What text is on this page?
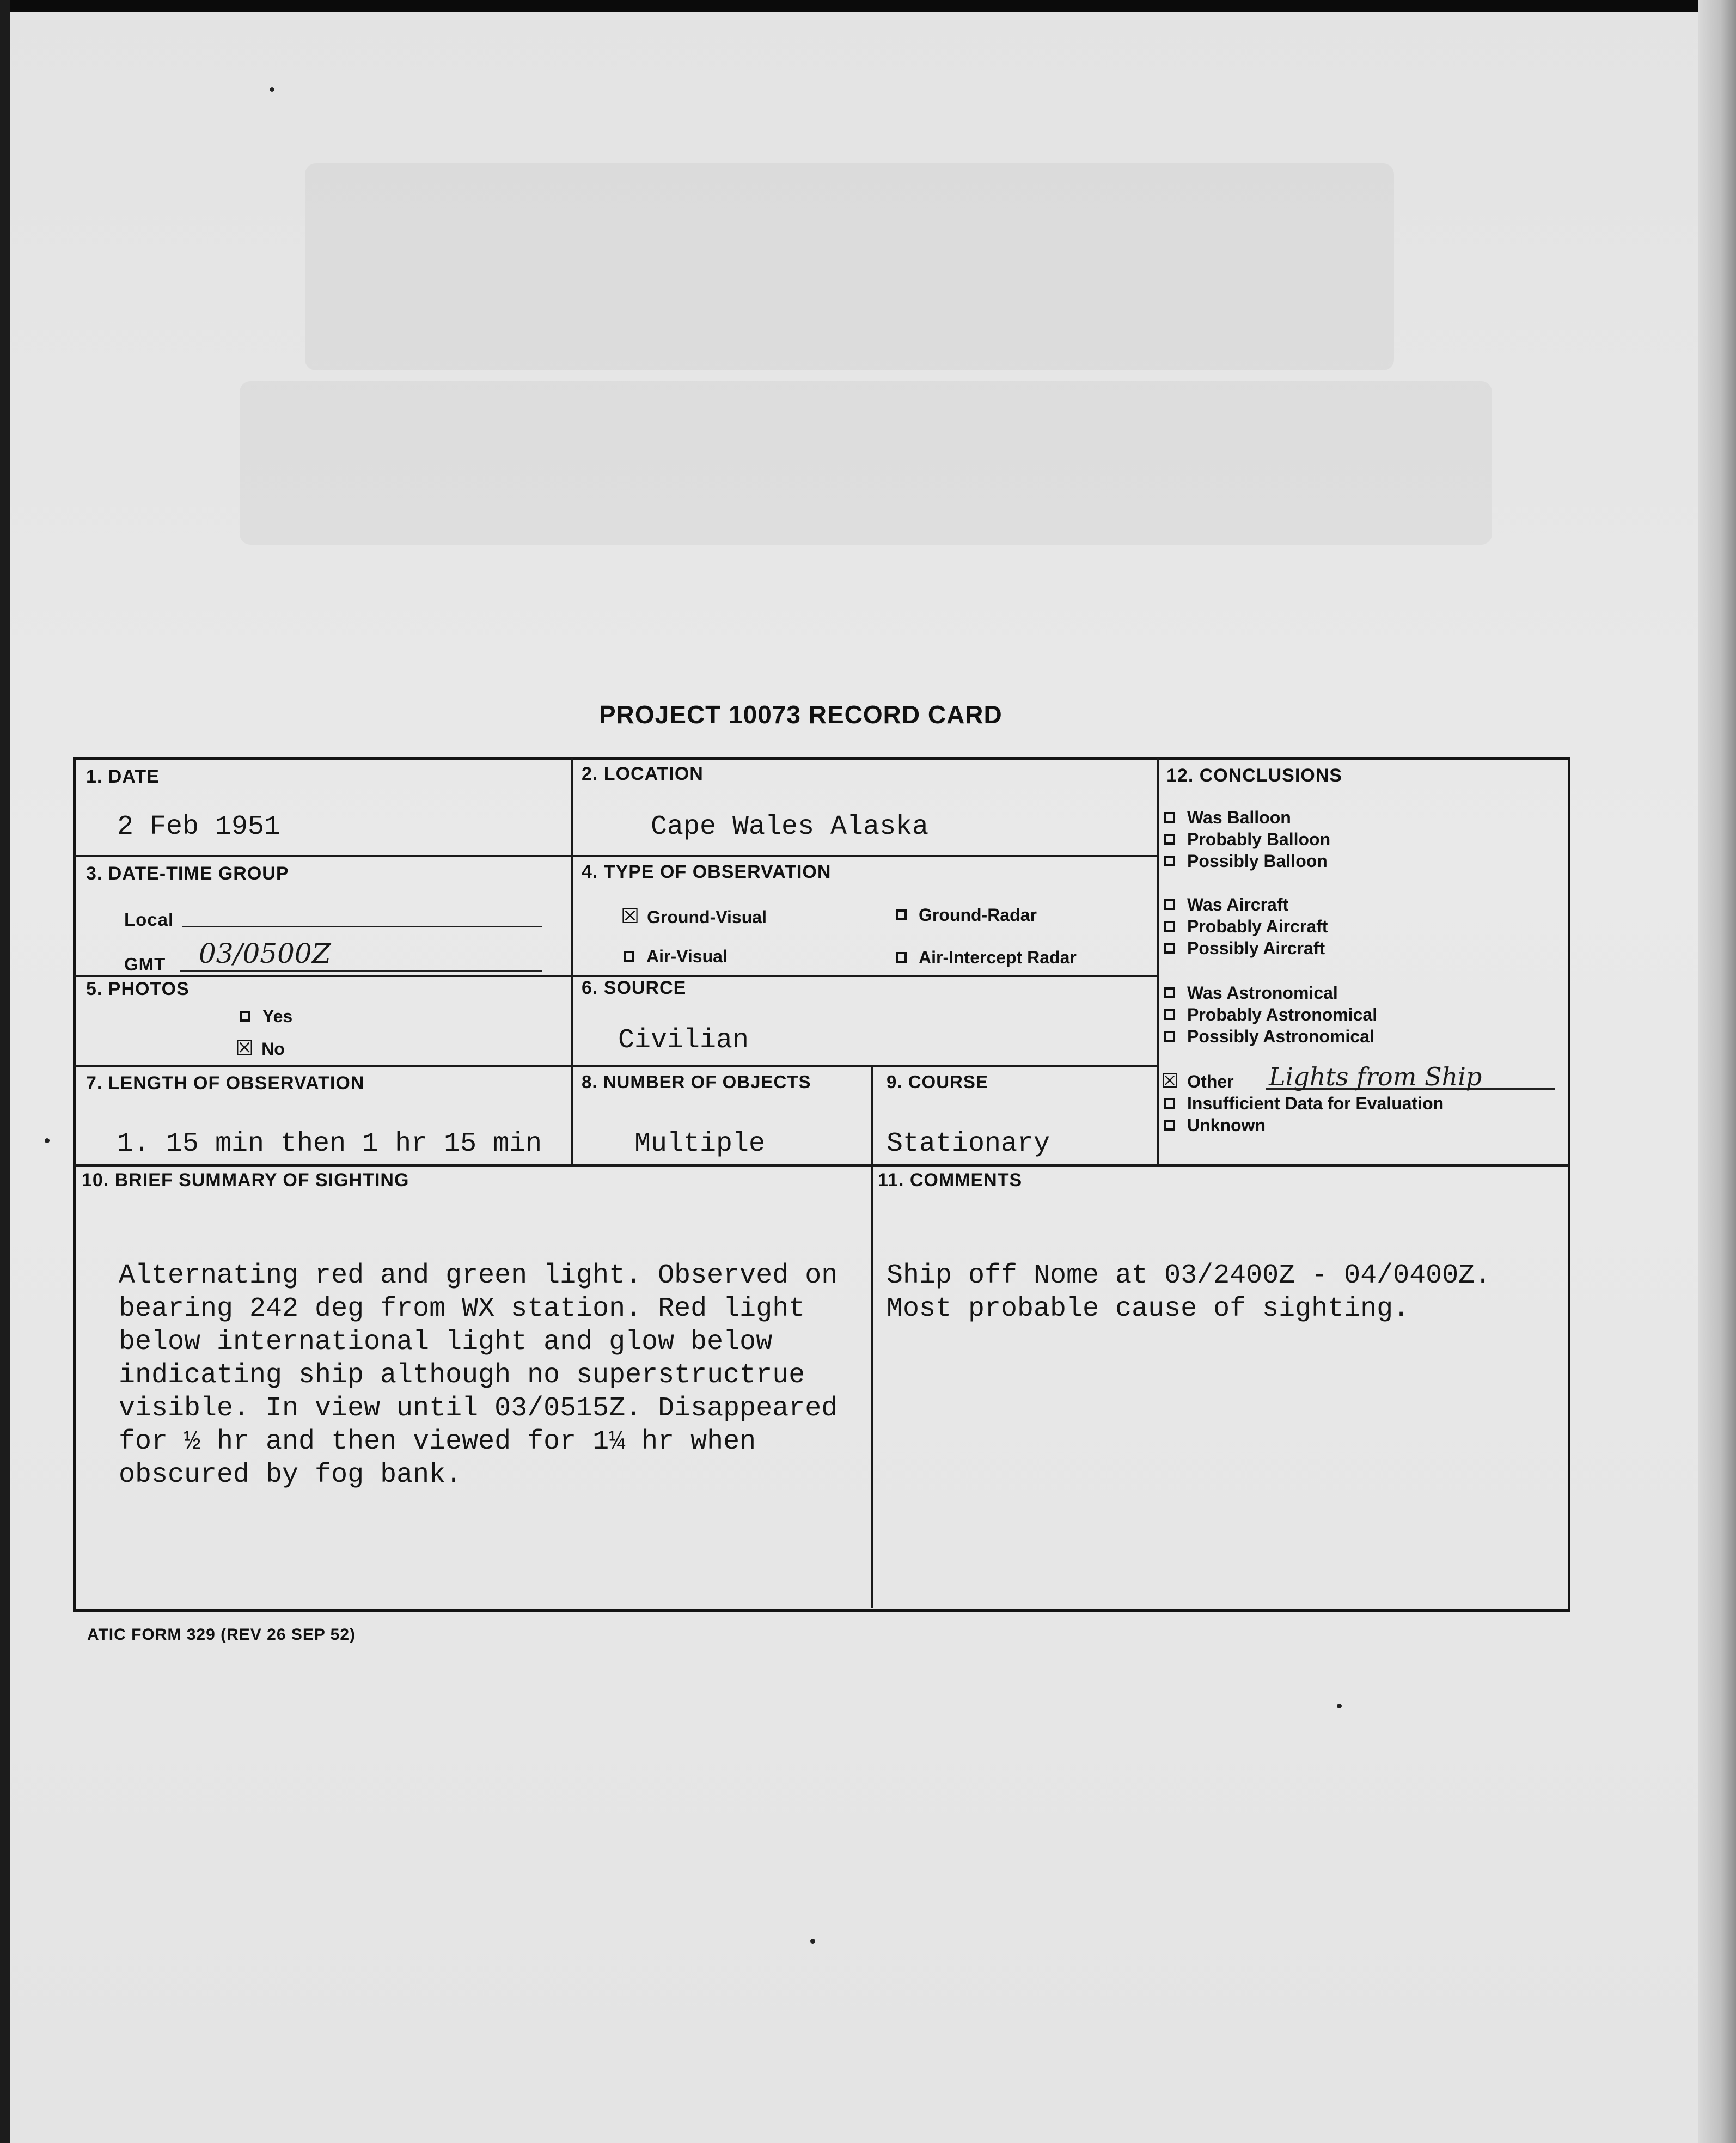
PROJECT 10073 RECORD CARD
1. DATE
2 Feb 1951
2. LOCATION
Cape Wales Alaska
3. DATE-TIME GROUP
Local
GMT 03/0500Z
4. TYPE OF OBSERVATION
☒ Ground-Visual	Ground-Radar
Air-Visual	Air-Intercept Radar
5. PHOTOS
Yes
☒ No
6. SOURCE
Civilian
7. LENGTH OF OBSERVATION
1. 15 min then 1 hr 15 min
8. NUMBER OF OBJECTS
Multiple
9. COURSE
Stationary
10. BRIEF SUMMARY OF SIGHTING

Alternating red and green light. Observed on
bearing 242 deg from WX station. Red light
below international light and glow below
indicating ship although no superstructrue
visible. In view until 03/0515Z. Disappeared
for ½ hr and then viewed for 1¼ hr when
obscured by fog bank.

11. COMMENTS

Ship off Nome at 03/2400Z - 04/0400Z.
Most probable cause of sighting.

12. CONCLUSIONS
Was Balloon
Probably Balloon
Possibly Balloon
Was Aircraft
Probably Aircraft
Possibly Aircraft
Was Astronomical
Probably Astronomical
Possibly Astronomical
☒ Other Lights from Ship
Insufficient Data for Evaluation
Unknown
ATIC FORM 329 (REV 26 SEP 52)
